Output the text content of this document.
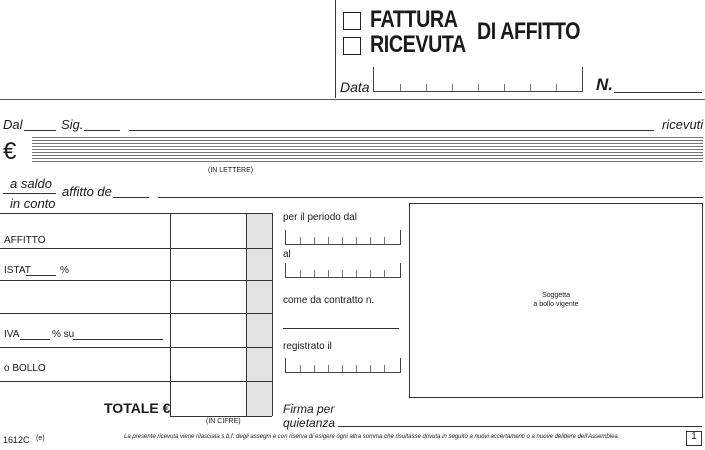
FATTURA
RICEVUTA DI AFFITTO
Data	N.
Dal	Sig.	ricevuti
€
(IN LETTERE)
a saldo
in conto
affitto de
AFFITTO
ISTAT	%
IVA	% su
o BOLLO
TOTALE €
(IN CIFRE)
per il periodo dal
al
come da contratto n.
registrato il
Firma per
quietanza
Soggetta
a bollo vigente
1612C (e)	La presente ricevuta viene rilasciata s.b.f. degli assegni e con riserva di esigere ogni altra somma che risultasse dovuta in seguito a nuovi accertamenti o a nuove delibere dell'Assemblea.	1
